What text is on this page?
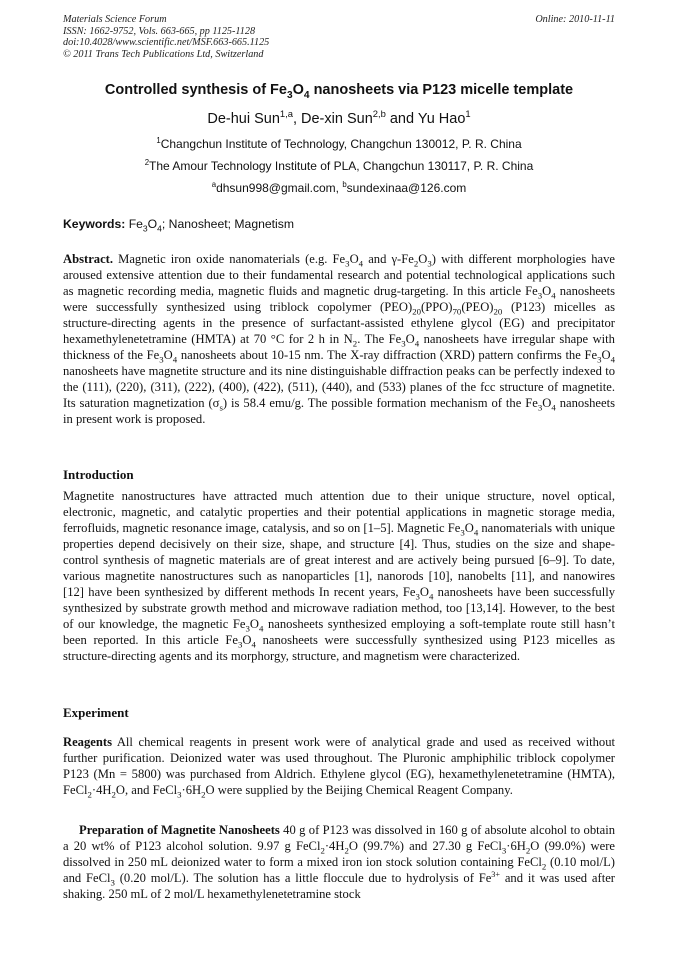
Materials Science Forum
ISSN: 1662-9752, Vols. 663-665, pp 1125-1128
doi:10.4028/www.scientific.net/MSF.663-665.1125
© 2011 Trans Tech Publications Ltd, Switzerland
Online: 2010-11-11
Controlled synthesis of $Fe_3O_4$ nanosheets via P123 micelle template
De-hui Sun$^{1,a}$, De-xin Sun$^{2,b}$ and Yu Hao$^1$
$^1$Changchun Institute of Technology, Changchun 130012, P. R. China
$^2$The Amour Technology Institute of PLA, Changchun 130117, P. R. China
$^a$dhsun998@gmail.com, $^b$sundexinaa@126.com
Keywords: $Fe_3O_4$; Nanosheet; Magnetism
Abstract. Magnetic iron oxide nanomaterials (e.g. $Fe_3O_4$ and $\gamma-Fe_2O_3$) with different morphologies have aroused extensive attention due to their fundamental research and potential technological applications such as magnetic recording media, magnetic fluids and magnetic drug-targeting. In this article $Fe_3O_4$ nanosheets were successfully synthesized using triblock copolymer $(PEO)_{20}(PPO)_{70}(PEO)_{20}$ (P123) micelles as structure-directing agents in the presence of surfactant-assisted ethylene glycol (EG) and precipitator hexamethylenetetramine (HMTA) at 70 °C for 2 h in $N_2$. The $Fe_3O_4$ nanosheets have irregular shape with thickness of the $Fe_3O_4$ nanosheets about 10-15 nm. The X-ray diffraction (XRD) pattern confirms the $Fe_3O_4$ nanosheets have magnetite structure and its nine distinguishable diffraction peaks can be perfectly indexed to the (111), (220), (311), (222), (400), (422), (511), (440), and (533) planes of the fcc structure of magnetite. Its saturation magnetization $(\sigma_s)$ is 58.4 emu/g. The possible formation mechanism of the $Fe_3O_4$ nanosheets in present work is proposed.
Introduction
Magnetite nanostructures have attracted much attention due to their unique structure, novel optical, electronic, magnetic, and catalytic properties and their potential applications in magnetic storage media, ferrofluids, magnetic resonance image, catalysis, and so on [1–5]. Magnetic $Fe_3O_4$ nanomaterials with unique properties depend decisively on their size, shape, and structure [4]. Thus, studies on the size and shape-control synthesis of magnetic materials are of great interest and are actively being pursued [6–9]. To date, various magnetite nanostructures such as nanoparticles [1], nanorods [10], nanobelts [11], and nanowires [12] have been synthesized by different methods In recent years, $Fe_3O_4$ nanosheets have been successfully synthesized by substrate growth method and microwave radiation method, too [13,14]. However, to the best of our knowledge, the magnetic $Fe_3O_4$ nanosheets synthesized employing a soft-template route still hasn’t been reported. In this article $Fe_3O_4$ nanosheets were successfully synthesized using P123 micelles as structure-directing agents and its morphorgy, structure, and magnetism were characterized.
Experiment
Reagents All chemical reagents in present work were of analytical grade and used as received without further purification. Deionized water was used throughout. The Pluronic amphiphilic triblock copolymer P123 (Mn = 5800) was purchased from Aldrich. Ethylene glycol (EG), hexamethylenetetramine (HMTA), $FeCl_2\cdot 4H_2O$, and $FeCl_3\cdot 6H_2O$ were supplied by the Beijing Chemical Reagent Company.
Preparation of Magnetite Nanosheets 40 g of P123 was dissolved in 160 g of absolute alcohol to obtain a 20 wt% of P123 alcohol solution. 9.97 g $FeCl_2\cdot 4H_2O$ (99.7%) and 27.30 g $FeCl_3\cdot 6H_2O$ (99.0%) were dissolved in 250 mL deionized water to form a mixed iron ion stock solution containing FeCl$_2$ (0.10 mol/L) and FeCl$_3$ (0.20 mol/L). The solution has a little floccule due to hydrolysis of $Fe^{3+}$ and it was used after shaking. 250 mL of 2 mol/L hexamethylenetetramine stock
